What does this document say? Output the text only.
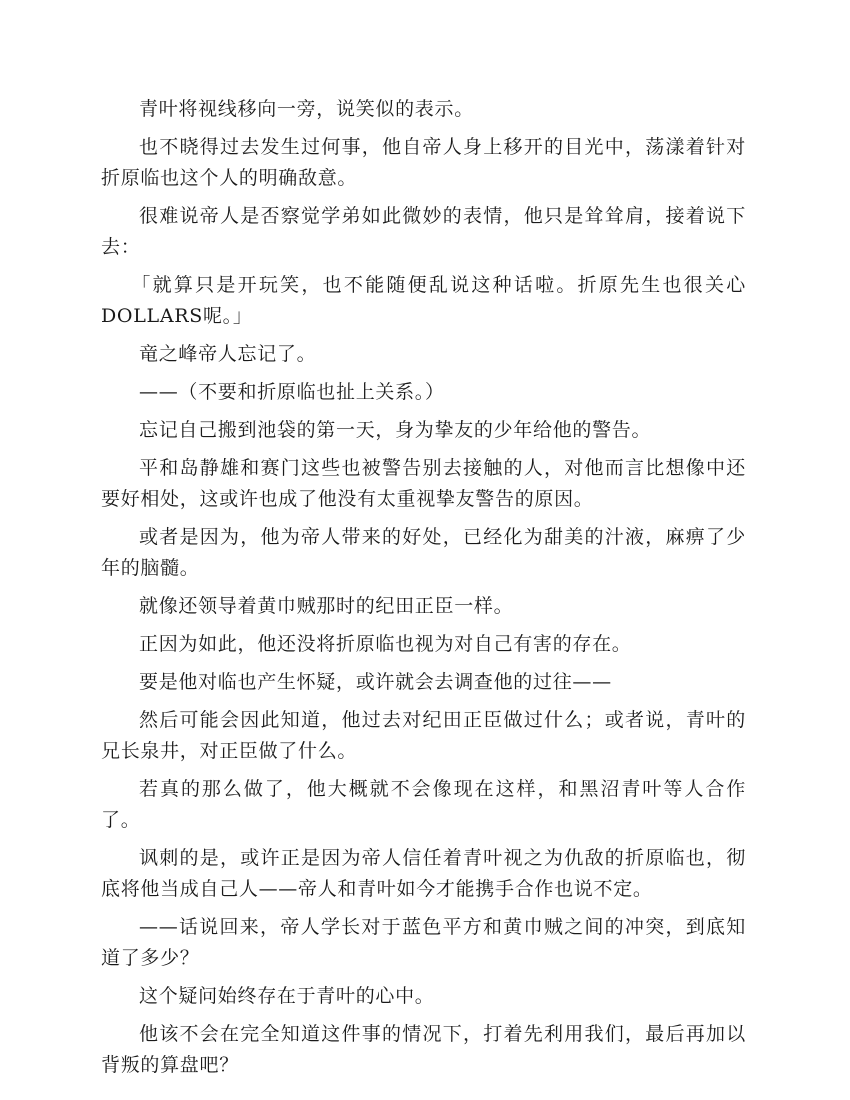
青叶将视线移向一旁，说笑似的表示。

也不晓得过去发生过何事，他自帝人身上移开的目光中，荡漾着针对折原临也这个人的明确敌意。

很难说帝人是否察觉学弟如此微妙的表情，他只是耸耸肩，接着说下去：

「就算只是开玩笑，也不能随便乱说这种话啦。折原先生也很关心DOLLARS呢。」

竜之峰帝人忘记了。

——（不要和折原临也扯上关系。）

忘记自己搬到池袋的第一天，身为挚友的少年给他的警告。

平和岛静雄和赛门这些也被警告别去接触的人，对他而言比想像中还要好相处，这或许也成了他没有太重视挚友警告的原因。

或者是因为，他为帝人带来的好处，已经化为甜美的汁液，麻痹了少年的脑髓。

就像还领导着黄巾贼那时的纪田正臣一样。

正因为如此，他还没将折原临也视为对自己有害的存在。

要是他对临也产生怀疑，或许就会去调查他的过往——

然后可能会因此知道，他过去对纪田正臣做过什么；或者说，青叶的兄长泉井，对正臣做了什么。

若真的那么做了，他大概就不会像现在这样，和黑沼青叶等人合作了。

讽刺的是，或许正是因为帝人信任着青叶视之为仇敌的折原临也，彻底将他当成自己人——帝人和青叶如今才能携手合作也说不定。

——话说回来，帝人学长对于蓝色平方和黄巾贼之间的冲突，到底知道了多少？

这个疑问始终存在于青叶的心中。

他该不会在完全知道这件事的情况下，打着先利用我们，最后再加以背叛的算盘吧？
